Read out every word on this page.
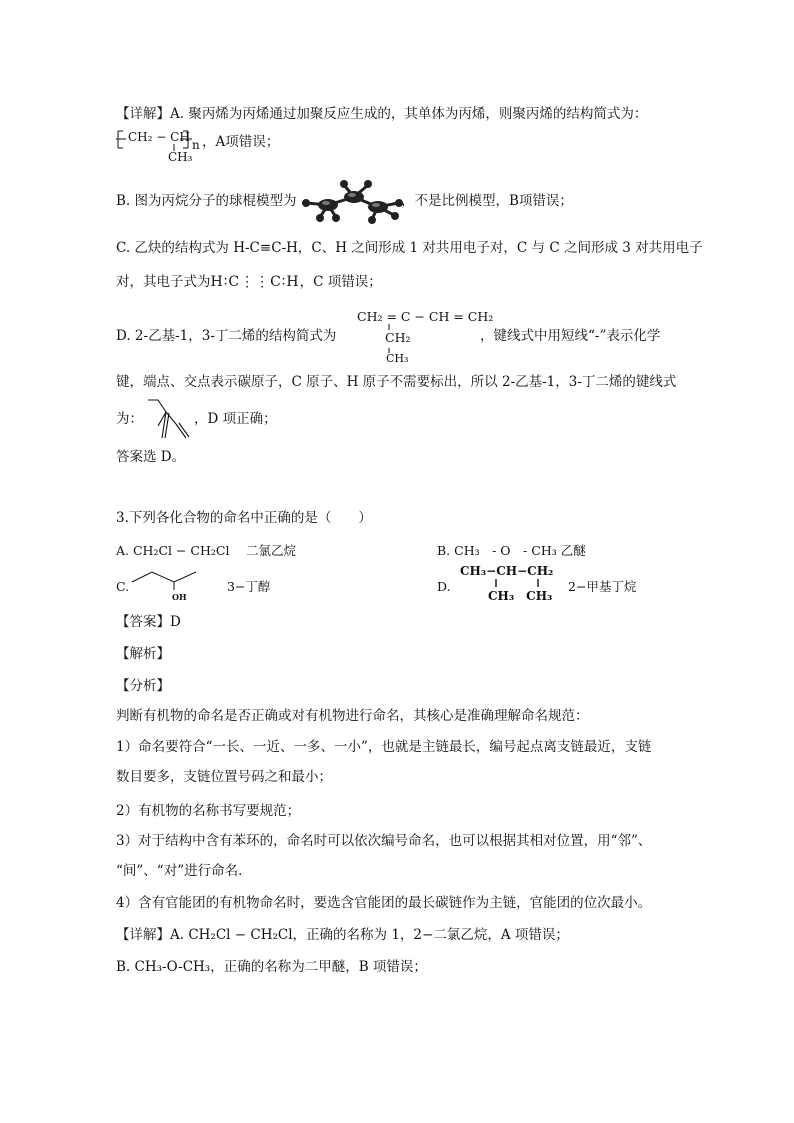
【详解】A. 聚丙烯为丙烯通过加聚反应生成的，其单体为丙烯，则聚丙烯的结构简式为：
CH₂ − CH
CH₃
n ，A项错误；
B. 图为丙烷分子的球棍模型为	，不是比例模型，B项错误；
C. 乙炔的结构式为 H-C≡C-H，C、H 之间形成 1 对共用电子对，C 与 C 之间形成 3 对共用电子
对，其电子式为H∶C⋮⋮C∶H，C 项错误；
CH₂ = C − CH = CH₂
CH₂
CH₃
D. 2-乙基-1，3-丁二烯的结构简式为	，键线式中用短线“-”表示化学
键，端点、交点表示碳原子，C 原子、H 原子不需要标出，所以 2-乙基-1，3-丁二烯的键线式
为：	，D 项正确；
答案选 D。
3.下列各化合物的命名中正确的是（　　）
A. CH₂Cl − CH₂Cl　 二氯乙烷	B. CH₃　- O　- CH₃ 乙醚
C.
OH
3−丁醇	D.
CH₃−CH−CH₂
CH₃　CH₃
2−甲基丁烷
【答案】D
【解析】
【分析】
判断有机物的命名是否正确或对有机物进行命名，其核心是准确理解命名规范：
1）命名要符合“一长、一近、一多、一小”，也就是主链最长，编号起点离支链最近，支链
数目要多，支链位置号码之和最小；
2）有机物的名称书写要规范；
3）对于结构中含有苯环的，命名时可以依次编号命名，也可以根据其相对位置，用“邻”、
“间”、“对”进行命名．
4）含有官能团的有机物命名时，要选含官能团的最长碳链作为主链，官能团的位次最小。
【详解】A. CH₂Cl − CH₂Cl，正确的名称为 1，2−二氯乙烷，A 项错误；
B. CH₃-O-CH₃，正确的名称为二甲醚，B 项错误；
